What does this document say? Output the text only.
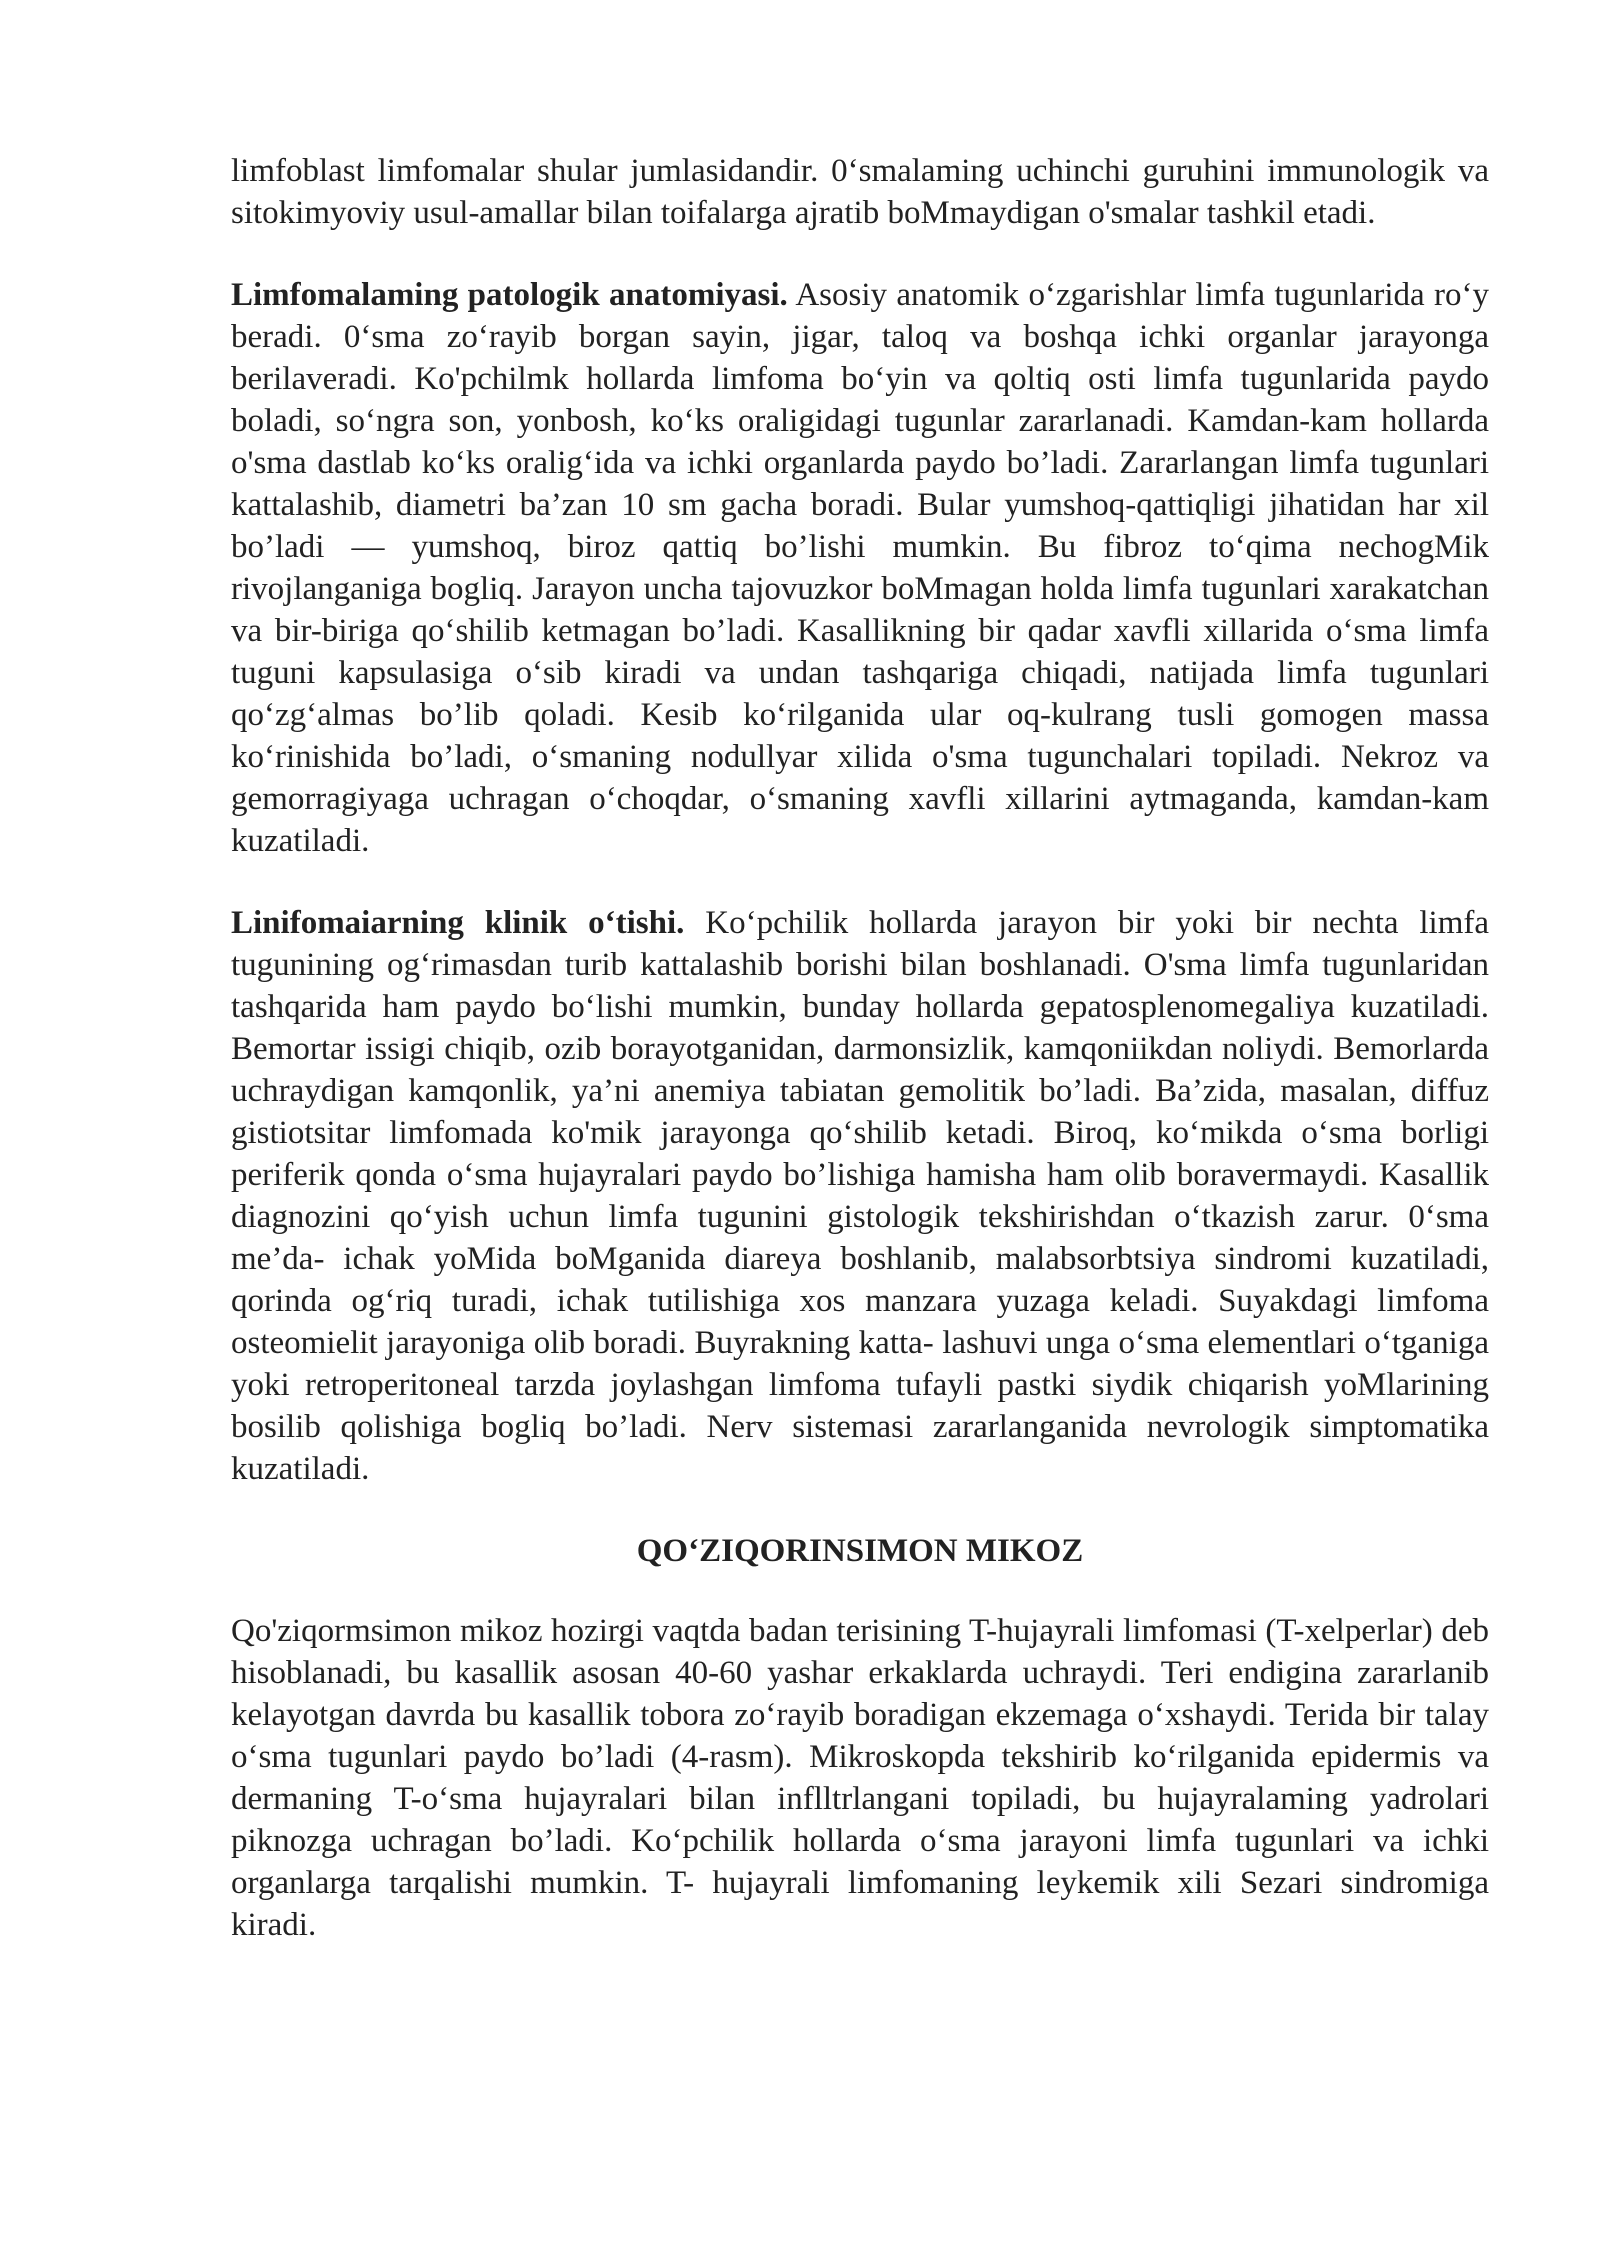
limfoblast limfomalar shular jumlasidandir. 0‘smalaming uchinchi guruhini immunologik va sitokimyoviy usul-amallar bilan toifalarga ajratib boMmaydigan o'smalar tashkil etadi.

Limfomalaming patologik anatomiyasi. Asosiy anatomik o‘zgarishlar limfa tugunlarida ro‘y beradi. 0‘sma zo‘rayib borgan sayin, jigar, taloq va boshqa ichki organlar jarayonga berilaveradi. Ko'pchilmk hollarda limfoma bo‘yin va qoltiq osti limfa tugunlarida paydo boladi, so‘ngra son, yonbosh, ko‘ks oraligidagi tugunlar zararlanadi. Kamdan-kam hollarda o'sma dastlab ko‘ks oralig‘ida va ichki organlarda paydo bo’ladi. Zararlangan limfa tugunlari kattalashib, diametri ba’zan 10 sm gacha boradi. Bular yumshoq-qattiqligi jihatidan har xil bo’ladi — yumshoq, biroz qattiq bo’lishi mumkin. Bu fibroz to‘qima nechogMik rivojlanganiga bogliq. Jarayon uncha tajovuzkor boMmagan holda limfa tugunlari xarakatchan va bir-biriga qo‘shilib ketmagan bo’ladi. Kasallikning bir qadar xavfli xillarida o‘sma limfa tuguni kapsulasiga o‘sib kiradi va undan tashqariga chiqadi, natijada limfa tugunlari qo‘zg‘almas bo’lib qoladi. Kesib ko‘rilganida ular oq-kulrang tusli gomogen massa ko‘rinishida bo’ladi, o‘smaning nodullyar xilida o'sma tugunchalari topiladi. Nekroz va gemorragiyaga uchragan o‘choqdar, o‘smaning xavfli xillarini aytmaganda, kamdan-kam kuzatiladi.

Linifomaiarning klinik o‘tishi. Ko‘pchilik hollarda jarayon bir yoki bir nechta limfa tugunining og‘rimasdan turib kattalashib borishi bilan boshlanadi. O'sma limfa tugunlaridan tashqarida ham paydo bo‘lishi mumkin, bunday hollarda gepatosplenomegaliya kuzatiladi. Bemortar issigi chiqib, ozib borayotganidan, darmonsizlik, kamqoniikdan noliydi. Bemorlarda uchraydigan kamqonlik, ya’ni anemiya tabiatan gemolitik bo’ladi. Ba’zida, masalan, diffuz gistiotsitar limfomada ko'mik jarayonga qo‘shilib ketadi. Biroq, ko‘mikda o‘sma borligi periferik qonda o‘sma hujayralari paydo bo’lishiga hamisha ham olib boravermaydi. Kasallik diagnozini qo‘yish uchun limfa tugunini gistologik tekshirishdan o‘tkazish zarur. 0‘sma me’da- ichak yoMida boMganida diareya boshlanib, malabsorbtsiya sindromi kuzatiladi, qorinda og‘riq turadi, ichak tutilishiga xos manzara yuzaga keladi. Suyakdagi limfoma osteomielit jarayoniga olib boradi. Buyrakning katta- lashuvi unga o‘sma elementlari o‘tganiga yoki retroperitoneal tarzda joylashgan limfoma tufayli pastki siydik chiqarish yoMlarining bosilib qolishiga bogliq bo’ladi. Nerv sistemasi zararlanganida nevrologik simptomatika kuzatiladi.

QO‘ZIQORINSIMON MIKOZ

Qo'ziqormsimon mikoz hozirgi vaqtda badan terisining T-hujayrali limfomasi (T-xelperlar) deb hisoblanadi, bu kasallik asosan 40-60 yashar erkaklarda uchraydi. Teri endigina zararlanib kelayotgan davrda bu kasallik tobora zo‘rayib boradigan ekzemaga o‘xshaydi. Terida bir talay o‘sma tugunlari paydo bo’ladi (4-rasm). Mikroskopda tekshirib ko‘rilganida epidermis va dermaning T-o‘sma hujayralari bilan inflltrlangani topiladi, bu hujayralaming yadrolari piknozga uchragan bo’ladi. Ko‘pchilik hollarda o‘sma jarayoni limfa tugunlari va ichki organlarga tarqalishi mumkin. T- hujayrali limfomaning leykemik xili Sezari sindromiga kiradi.
